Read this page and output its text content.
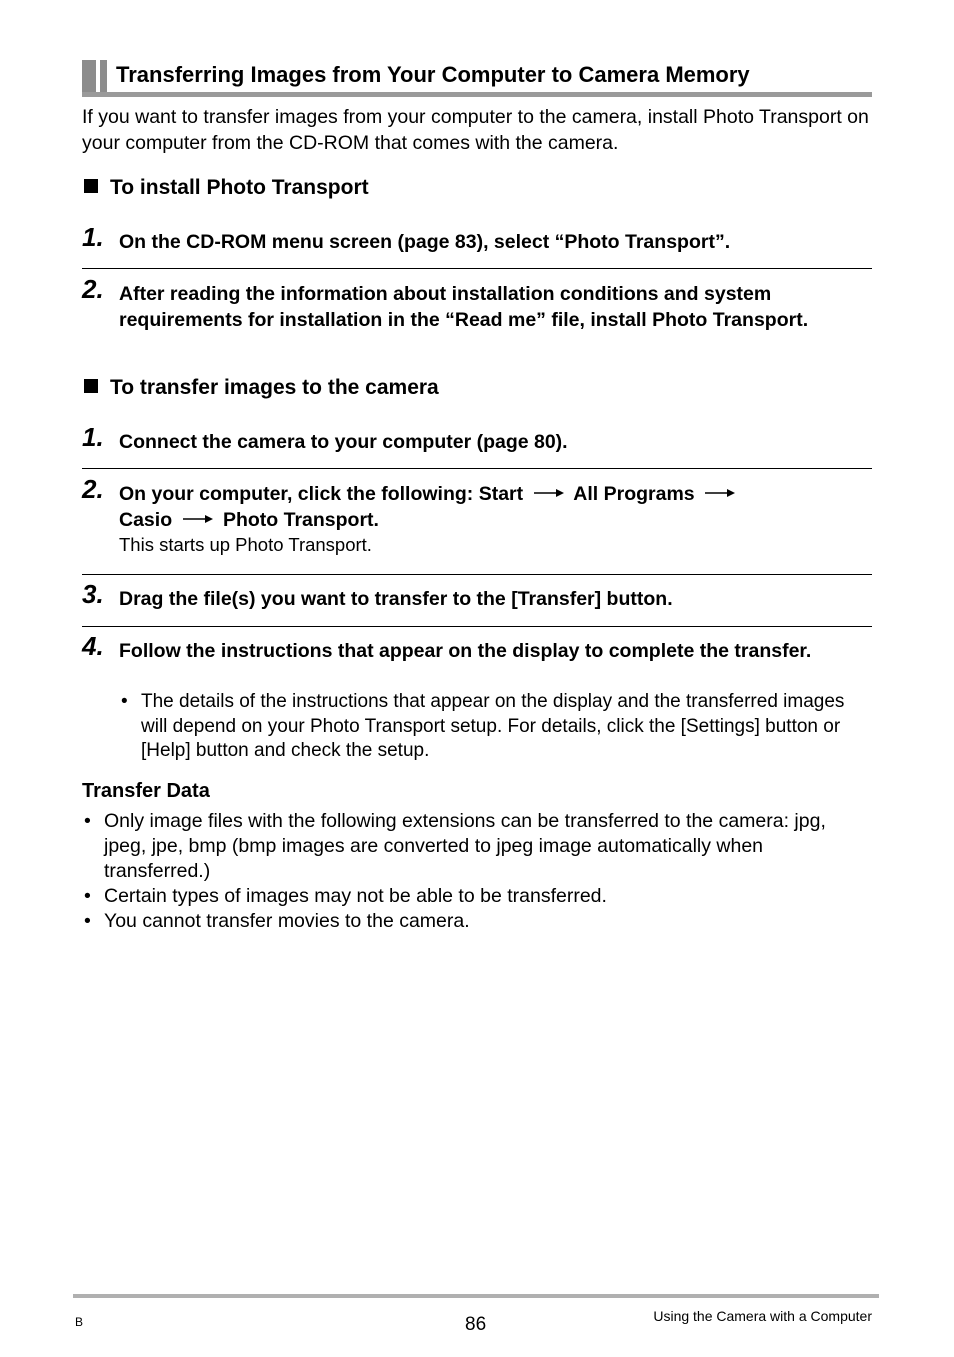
Transferring Images from Your Computer to Camera Memory
If you want to transfer images from your computer to the camera, install Photo Transport on your computer from the CD-ROM that comes with the camera.
To install Photo Transport
1. On the CD-ROM menu screen (page 83), select “Photo Transport”.
2. After reading the information about installation conditions and system requirements for installation in the “Read me” file, install Photo Transport.
To transfer images to the camera
1. Connect the camera to your computer (page 80).
2. On your computer, click the following: Start	All Programs
Casio	Photo Transport.
This starts up Photo Transport.
3. Drag the file(s) you want to transfer to the [Transfer] button.
4. Follow the instructions that appear on the display to complete the transfer.
• The details of the instructions that appear on the display and the transferred images will depend on your Photo Transport setup. For details, click the [Settings] button or [Help] button and check the setup.
Transfer Data
• Only image files with the following extensions can be transferred to the camera: jpg, jpeg, jpe, bmp (bmp images are converted to jpeg image automatically when transferred.)
• Certain types of images may not be able to be transferred.
• You cannot transfer movies to the camera.
B	86	Using the Camera with a Computer
